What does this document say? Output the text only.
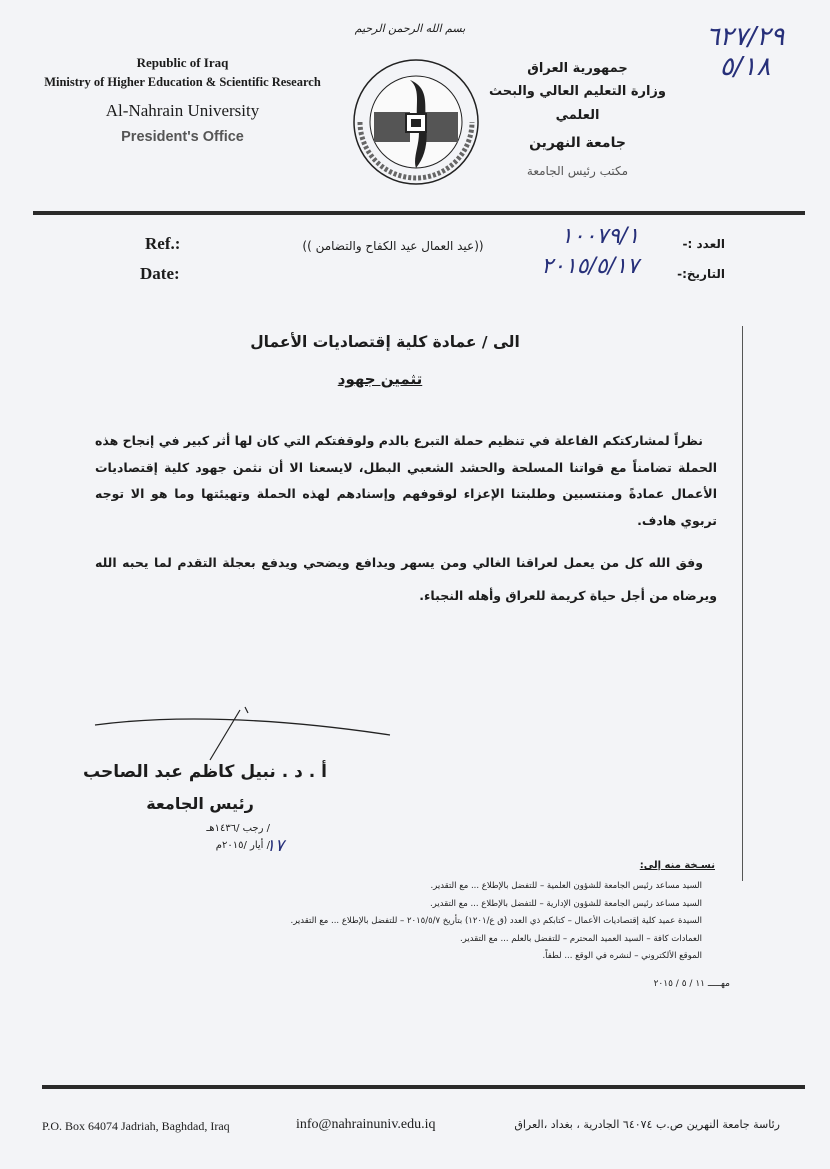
٦٢٧/٢٩ ٥/١٨
Republic of Iraq
Ministry of Higher Education & Scientific Research
Al-Nahrain University
President's Office
بسم الله الرحمن الرحيم
جمهورية العراق
وزارة التعليم العالي والبحث العلمي
جامعة النهرين
مكتب رئيس الجامعة
Ref.:
Date:
((عيد العمال عيد الكفاح والتضامن ))	١٠٠٧٩/١	العدد :-
٢٠١٥/٥/١٧	التاريخ:-
الى / عمادة كلية إقتصاديات الأعمال
تثمين جهود
نظراً لمشاركتكم الفاعلة في تنظيم حملة التبرع بالدم ولوقفتكم التي كان لها أثر كبير في إنجاح هذه الحملة تضامناً مع قواتنا المسلحة والحشد الشعبي البطل، لايسعنا الا أن نثمن جهود كلية إقتصاديات الأعمال عمادةً ومنتسبين وطلبتنا الإعزاء لوقوفهم وإسنادهم لهذه الحملة وتهيئتها وما هو الا توجه تربوي هادف.
وفق الله كل من يعمل لعراقنا الغالي ومن يسهر ويدافع ويضحي ويدفع بعجلة التقدم لما يحبه الله ويرضاه من أجل حياة كريمة للعراق وأهله النجباء.
أ . د . نبيل كاظم عبد الصاحب
رئيس الجامعة
/ رجب /١٤٣٦هـ
/ أيار /٢٠١٥م
١٧
نسـخة منه إلى:
السيد مساعد رئيس الجامعة للشؤون العلمية – للتفضل بالإطلاع ... مع التقدير.
السيد مساعد رئيس الجامعة للشؤون الإدارية – للتفضل بالإطلاع ... مع التقدير.
السيدة عميد كلية إقتصاديات الأعمال – كتابكم ذي العدد (ق ع/١٢٠١) بتأريخ ٢٠١٥/٥/٧ – للتفضل بالإطلاع ... مع التقدير.
العمادات كافة – السيد العميد المحترم – للتفضل بالعلم ... مع التقدير.
الموقع الألكتروني – لنشره في الوقع ... لطفاً.
مهـــــ ١١ / ٥ / ٢٠١٥
P.O. Box 64074 Jadriah, Baghdad, Iraq	info@nahrainuniv.edu.iq	رئاسة جامعة النهرين ص.ب ٦٤٠٧٤ الجادرية ، بغداد ،العراق
